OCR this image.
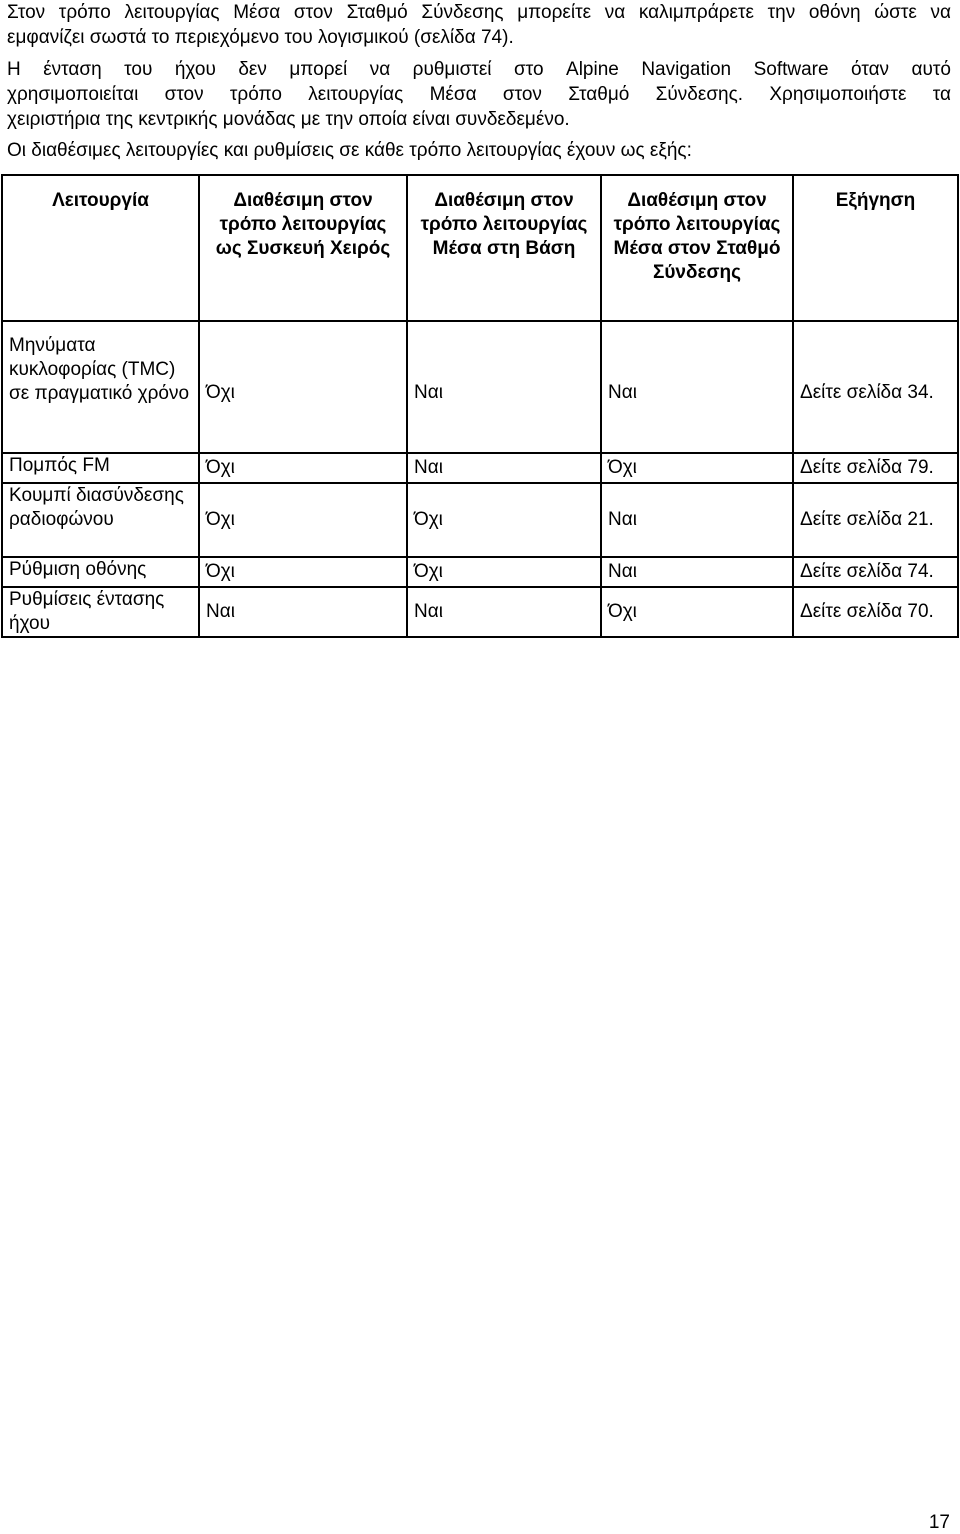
Στον τρόπο λειτουργίας Μέσα στον Σταθμό Σύνδεσης μπορείτε να καλιμπράρετε την οθόνη ώστε να
εμφανίζει σωστά το περιεχόμενο του λογισμικού (σελίδα 74).
Η ένταση του ήχου δεν μπορεί να ρυθμιστεί στο Alpine Navigation Software όταν αυτό
χρησιμοποιείται στον τρόπο λειτουργίας Μέσα στον Σταθμό Σύνδεσης. Χρησιμοποιήστε τα
χειριστήρια της κεντρικής μονάδας με την οποία είναι συνδεδεμένο.
Οι διαθέσιμες λειτουργίες και ρυθμίσεις σε κάθε τρόπο λειτουργίας έχουν ως εξής:
Λειτουργία	Διαθέσιμη στον τρόπο λειτουργίας ως Συσκευή Χειρός	Διαθέσιμη στον τρόπο λειτουργίας Μέσα στη Βάση	Διαθέσιμη στον τρόπο λειτουργίας Μέσα στον Σταθμό Σύνδεσης	Εξήγηση
Μηνύματα κυκλοφορίας (TMC) σε πραγματικό χρόνο	Όχι	Ναι	Ναι	Δείτε σελίδα 34.
Πομπός FM	Όχι	Ναι	Όχι	Δείτε σελίδα 79.
Κουμπί διασύνδεσης ραδιοφώνου	Όχι	Όχι	Ναι	Δείτε σελίδα 21.
Ρύθμιση οθόνης	Όχι	Όχι	Ναι	Δείτε σελίδα 74.
Ρυθμίσεις έντασης ήχου	Ναι	Ναι	Όχι	Δείτε σελίδα 70.
17
